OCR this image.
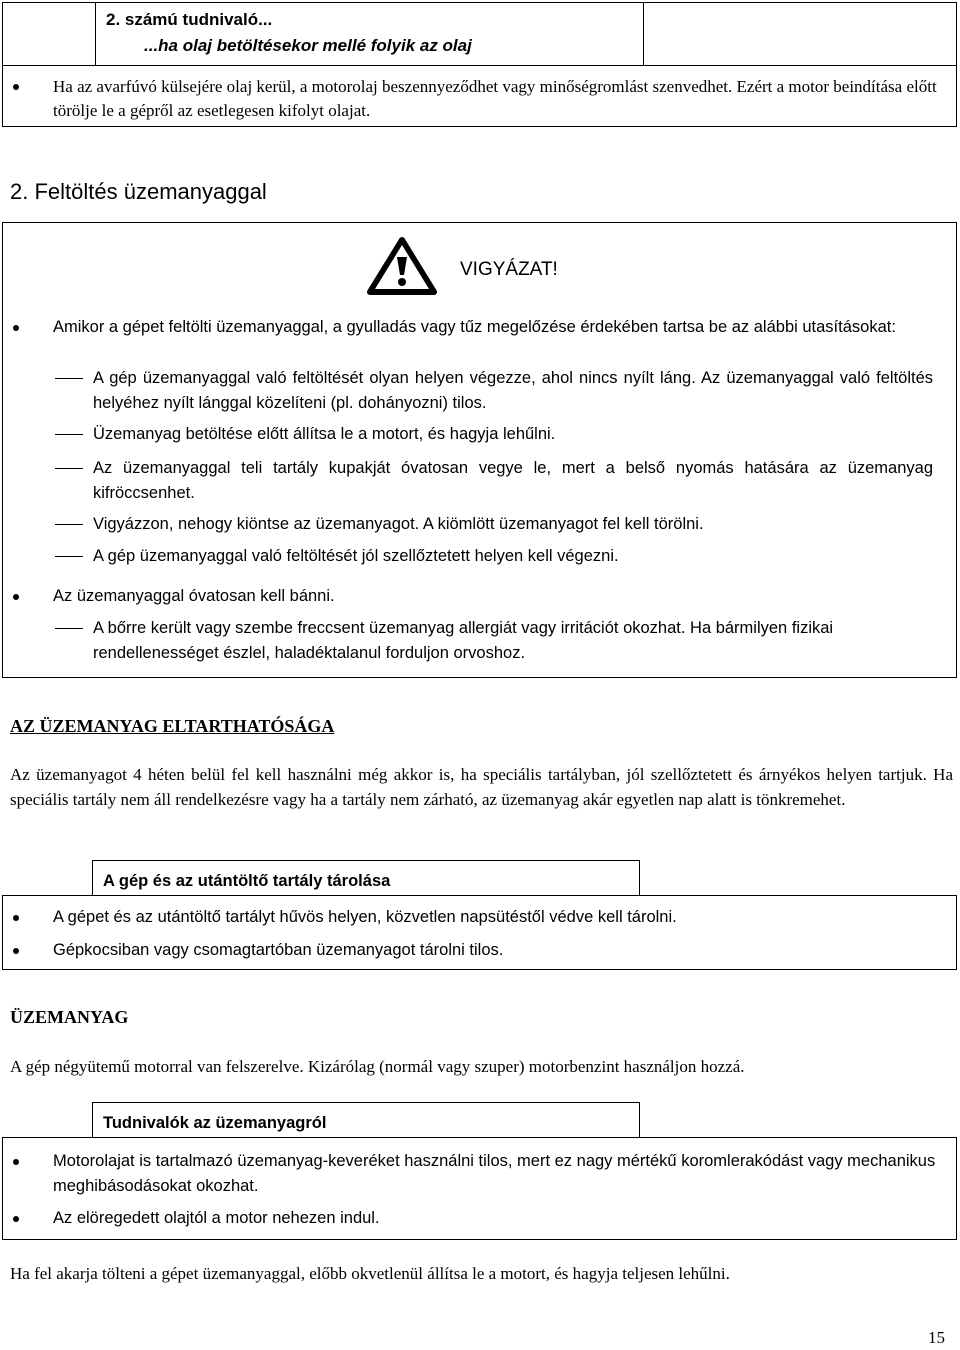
2. számú tudnivaló...

...ha olaj betöltésekor mellé folyik az olaj

Ha az avarfúvó külsejére olaj kerül, a motorolaj beszennyeződhet vagy minőségromlást szenvedhet. Ezért a motor beindítása előtt törölje le a gépről az esetlegesen kifolyt olajat.

2. Feltöltés üzemanyaggal

VIGYÁZAT!

Amikor a gépet feltölti üzemanyaggal, a gyulladás vagy tűz megelőzése érdekében tartsa be az alábbi utasításokat:

A gép üzemanyaggal való feltöltését olyan helyen végezze, ahol nincs nyílt láng. Az üzemanyaggal való feltöltés helyéhez nyílt lánggal közelíteni (pl. dohányozni) tilos.

Üzemanyag betöltése előtt állítsa le a motort, és hagyja lehűlni.

Az üzemanyaggal teli tartály kupakját óvatosan vegye le, mert a belső nyomás hatására az üzemanyag kifröccsenhet.

Vigyázzon, nehogy kiöntse az üzemanyagot. A kiömlött üzemanyagot fel kell törölni.

A gép üzemanyaggal való feltöltését jól szellőztetett helyen kell végezni.

Az üzemanyaggal óvatosan kell bánni.

A bőrre került vagy szembe freccsent üzemanyag allergiát vagy irritációt okozhat. Ha bármilyen fizikai rendellenességet észlel, haladéktalanul forduljon orvoshoz.

AZ ÜZEMANYAG ELTARTHATÓSÁGA

Az üzemanyagot 4 héten belül fel kell használni még akkor is, ha speciális tartályban, jól szellőztetett és árnyékos helyen tartjuk. Ha speciális tartály nem áll rendelkezésre vagy ha a tartály nem zárható, az üzemanyag akár egyetlen nap alatt is tönkremehet.

A gép és az utántöltő tartály tárolása

A gépet és az utántöltő tartályt hűvös helyen, közvetlen napsütéstől védve kell tárolni.

Gépkocsiban vagy csomagtartóban üzemanyagot tárolni tilos.

ÜZEMANYAG

A gép négyütemű motorral van felszerelve. Kizárólag (normál vagy szuper) motorbenzint használjon hozzá.

Tudnivalók az üzemanyagról

Motorolajat is tartalmazó üzemanyag-keveréket használni tilos, mert ez nagy mértékű koromlerakódást vagy mechanikus meghibásodásokat okozhat.

Az elöregedett olajtól a motor nehezen indul.

Ha fel akarja tölteni a gépet üzemanyaggal, előbb okvetlenül állítsa le a motort, és hagyja teljesen lehűlni.

15
